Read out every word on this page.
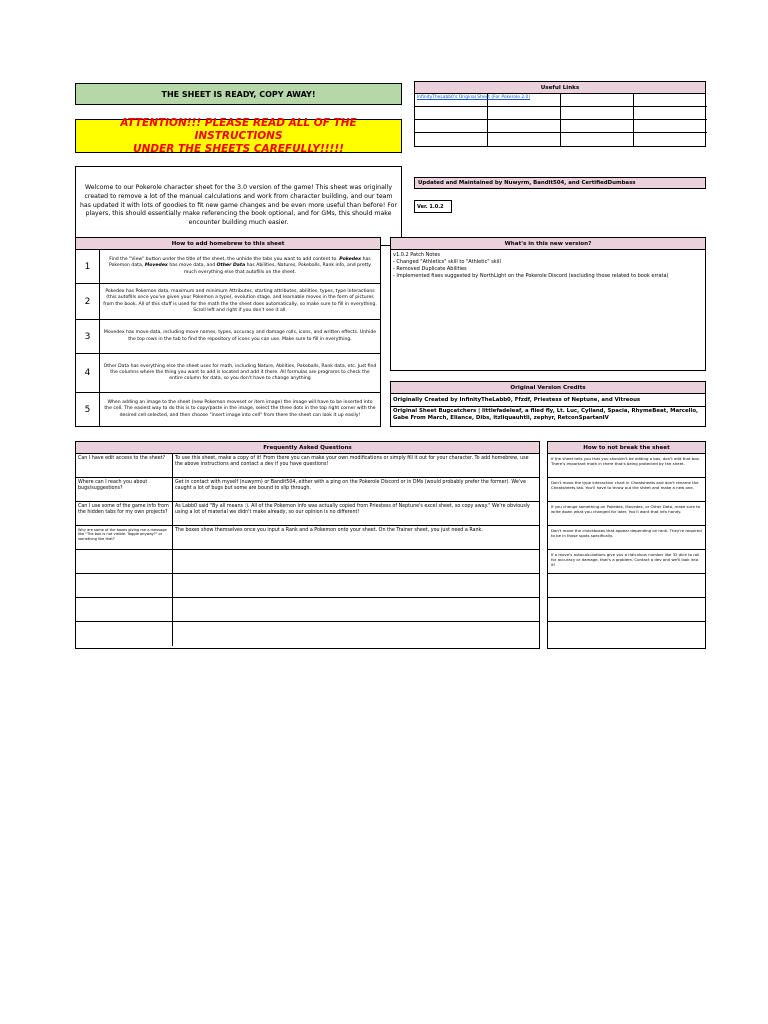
THE SHEET IS READY, COPY AWAY!
ATTENTION!!! PLEASE READ ALL OF THE INSTRUCTIONS
UNDER THE SHEETS CAREFULLY!!!!!
Welcome to our Pokerole character sheet for the 3.0 version of the game! This sheet was originally created to remove a lot of the manual calculations and work from character building, and our team has updated it with lots of goodies to fit new game changes and be even more useful than before! For players, this should essentially make referencing the book optional, and for GMs, this should make encounter building much easier.
Useful Links
InfinityTheLabb0's Original Sheet (For Pokerole 2.0)
Updated and Maintained by Nuwyrm, Bandit504, and CertifiedDumbass
Ver. 1.0.2
How to add homebrew to this sheet
1
Find the "View" button under the title of the sheet, the unhide the tabs you want to add content to. Pokedex has Pokemon data, Movedex has move data, and Other Data has Abilities, Natures, Pokeballs, Rank info, and pretty much everything else that autofills on the sheet.
2
Pokedex has Pokemon data, maximum and minimum Attributes, starting attributes, abilities, types, type interactions (this autofills once you've given your Pokemon a type), evolution stage, and learnable moves in the form of pictures from the book. All of this stuff is used for the math the the sheet does automatically, so make sure to fill in everything. Scroll left and right if you don't see it all.
3	Movedex has move data, including move names, types, accuracy and damage rolls, icons, and written effects. Unhide the top rows in the tab to find the repository of icons you can use. Make sure to fill in everything.
4
Other Data has everything else the sheet uses for math, including Nature, Abilities, Pokeballs, Rank data, etc. Just find the columns where the thing you want to add is located and add it there. All formulas are programs to check the entire column for data, so you don't have to change anything
5
When adding an image to the sheet (new Pokemon moveset or item image) the image will have to be inserted into the cell. The easiest way to do this is to copy/paste in the image, select the three dots in the top right corner with the desired cell selected, and then choose "insert image into cell" from there the sheet can look it up easily!
What's in this new version?
v1.0.2 Patch Notes
- Changed "Athletics" skill to "Athletic" skill
- Removed Duplicate Abilities
- Implemented fixes suggested by NorthLight on the Pokerole Discord (excluding those related to book errata)
Original Version Credits
Originally Created by InfinityTheLabb0, Ffzdf, Priestess of Neptune, and Vitreous
Original Sheet Bugcatchers | littlefadeleaf, a flied fly, Lt. Luc, Cylland, Spacia, RhymeBeat, Marcello, Gabe From March, Eliance, Dibs, itzliquauhtli, zephyr, RetconSpartanIV
Frequently Asked Questions
Can I have edit access to the sheet?	To use this sheet, make a copy of it! From there you can make your own modifications or simply fill it out for your character. To add homebrew, use the above instructions and contact a dev if you have questions!
Where can I reach you about bugs/suggestions?
Get in contact with myself (nuwyrm) or Bandit504, either with a ping on the Pokerole Discord or in DMs (would probably prefer the former). We've caught a lot of bugs but some are bound to slip through.
Can I use some of the game info from the hidden tabs for my own projects?
As Labb0 said "By all means :). All of the Pokemon info was actually copied from Priestess of Neptune's excel sheet, so copy away." We're obviously using a lot of material we didn't make already, so our opinion is no different!
Why are some of the boxes giving me a message like "The box is not visible. Toggle anyway?" or something like that?
The boxes show themselves once you input a Rank and a Pokemon onto your sheet. On the Trainer sheet, you just need a Rank.
How to not break the sheet
If the sheet tells you that you shouldn't be editing a box, don't edit that box. There's important math in there that's being protected by the sheet.
Don't move the type interaction chart in Cheatsheets and don't rename the Cheatsheets tab. You'll have to throw out the sheet and make a new one.
If you change something on Pokedex, Movedex, or Other Data, make sure to write down what you changed for later. You'll want that info handy.
Don't move the checkboxes that appear depending on rank. They're required to be in those spots specifically.
If a move's autocalculations give you a ridiculous number like 32 dice to roll for accuracy or damage, that's a problem. Contact a dev and we'll look into it!
